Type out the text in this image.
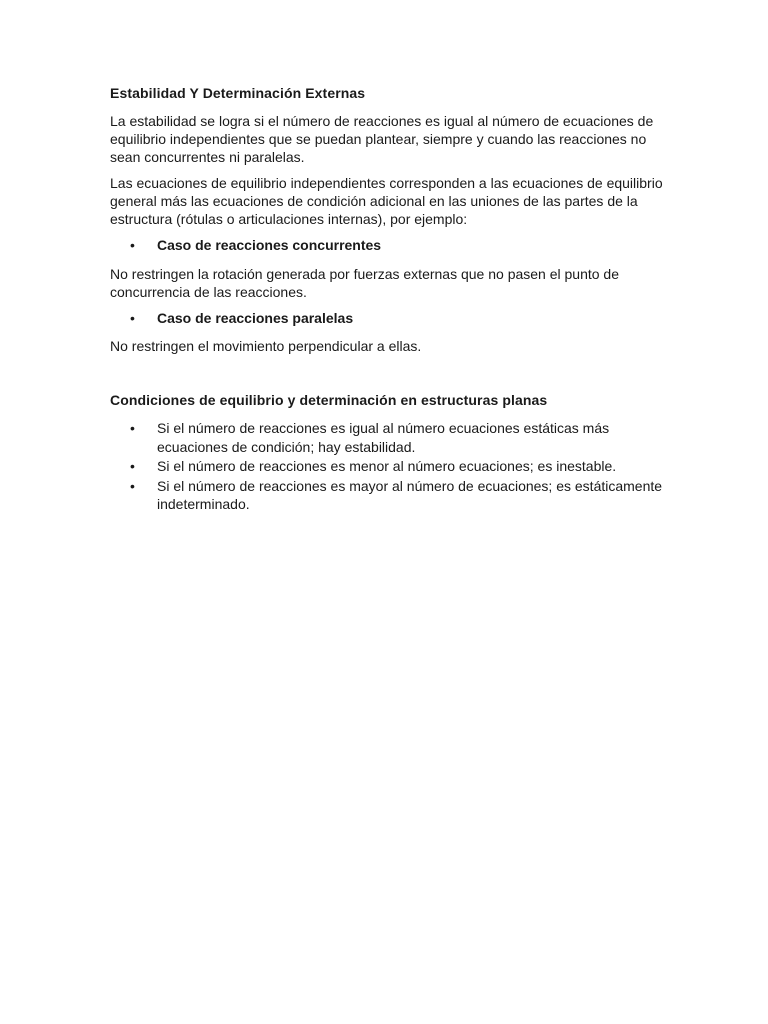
Estabilidad Y Determinación Externas
La estabilidad se logra si el número de reacciones es igual al número de ecuaciones de equilibrio independientes que se puedan plantear, siempre y cuando las reacciones no sean concurrentes ni paralelas.
Las ecuaciones de equilibrio independientes corresponden a las ecuaciones de equilibrio general más las ecuaciones de condición adicional en las uniones de las partes de la estructura (rótulas o articulaciones internas), por ejemplo:
•	Caso de reacciones concurrentes
No restringen la rotación generada por fuerzas externas que no pasen el punto de concurrencia de las reacciones.
•	Caso de reacciones paralelas
No restringen el movimiento perpendicular a ellas.
Condiciones de equilibrio y determinación en estructuras planas
•	Si el número de reacciones es igual al número ecuaciones estáticas más ecuaciones de condición; hay estabilidad.
•	Si el número de reacciones es menor al número ecuaciones; es inestable.
•	Si el número de reacciones es mayor al número de ecuaciones; es estáticamente indeterminado.
